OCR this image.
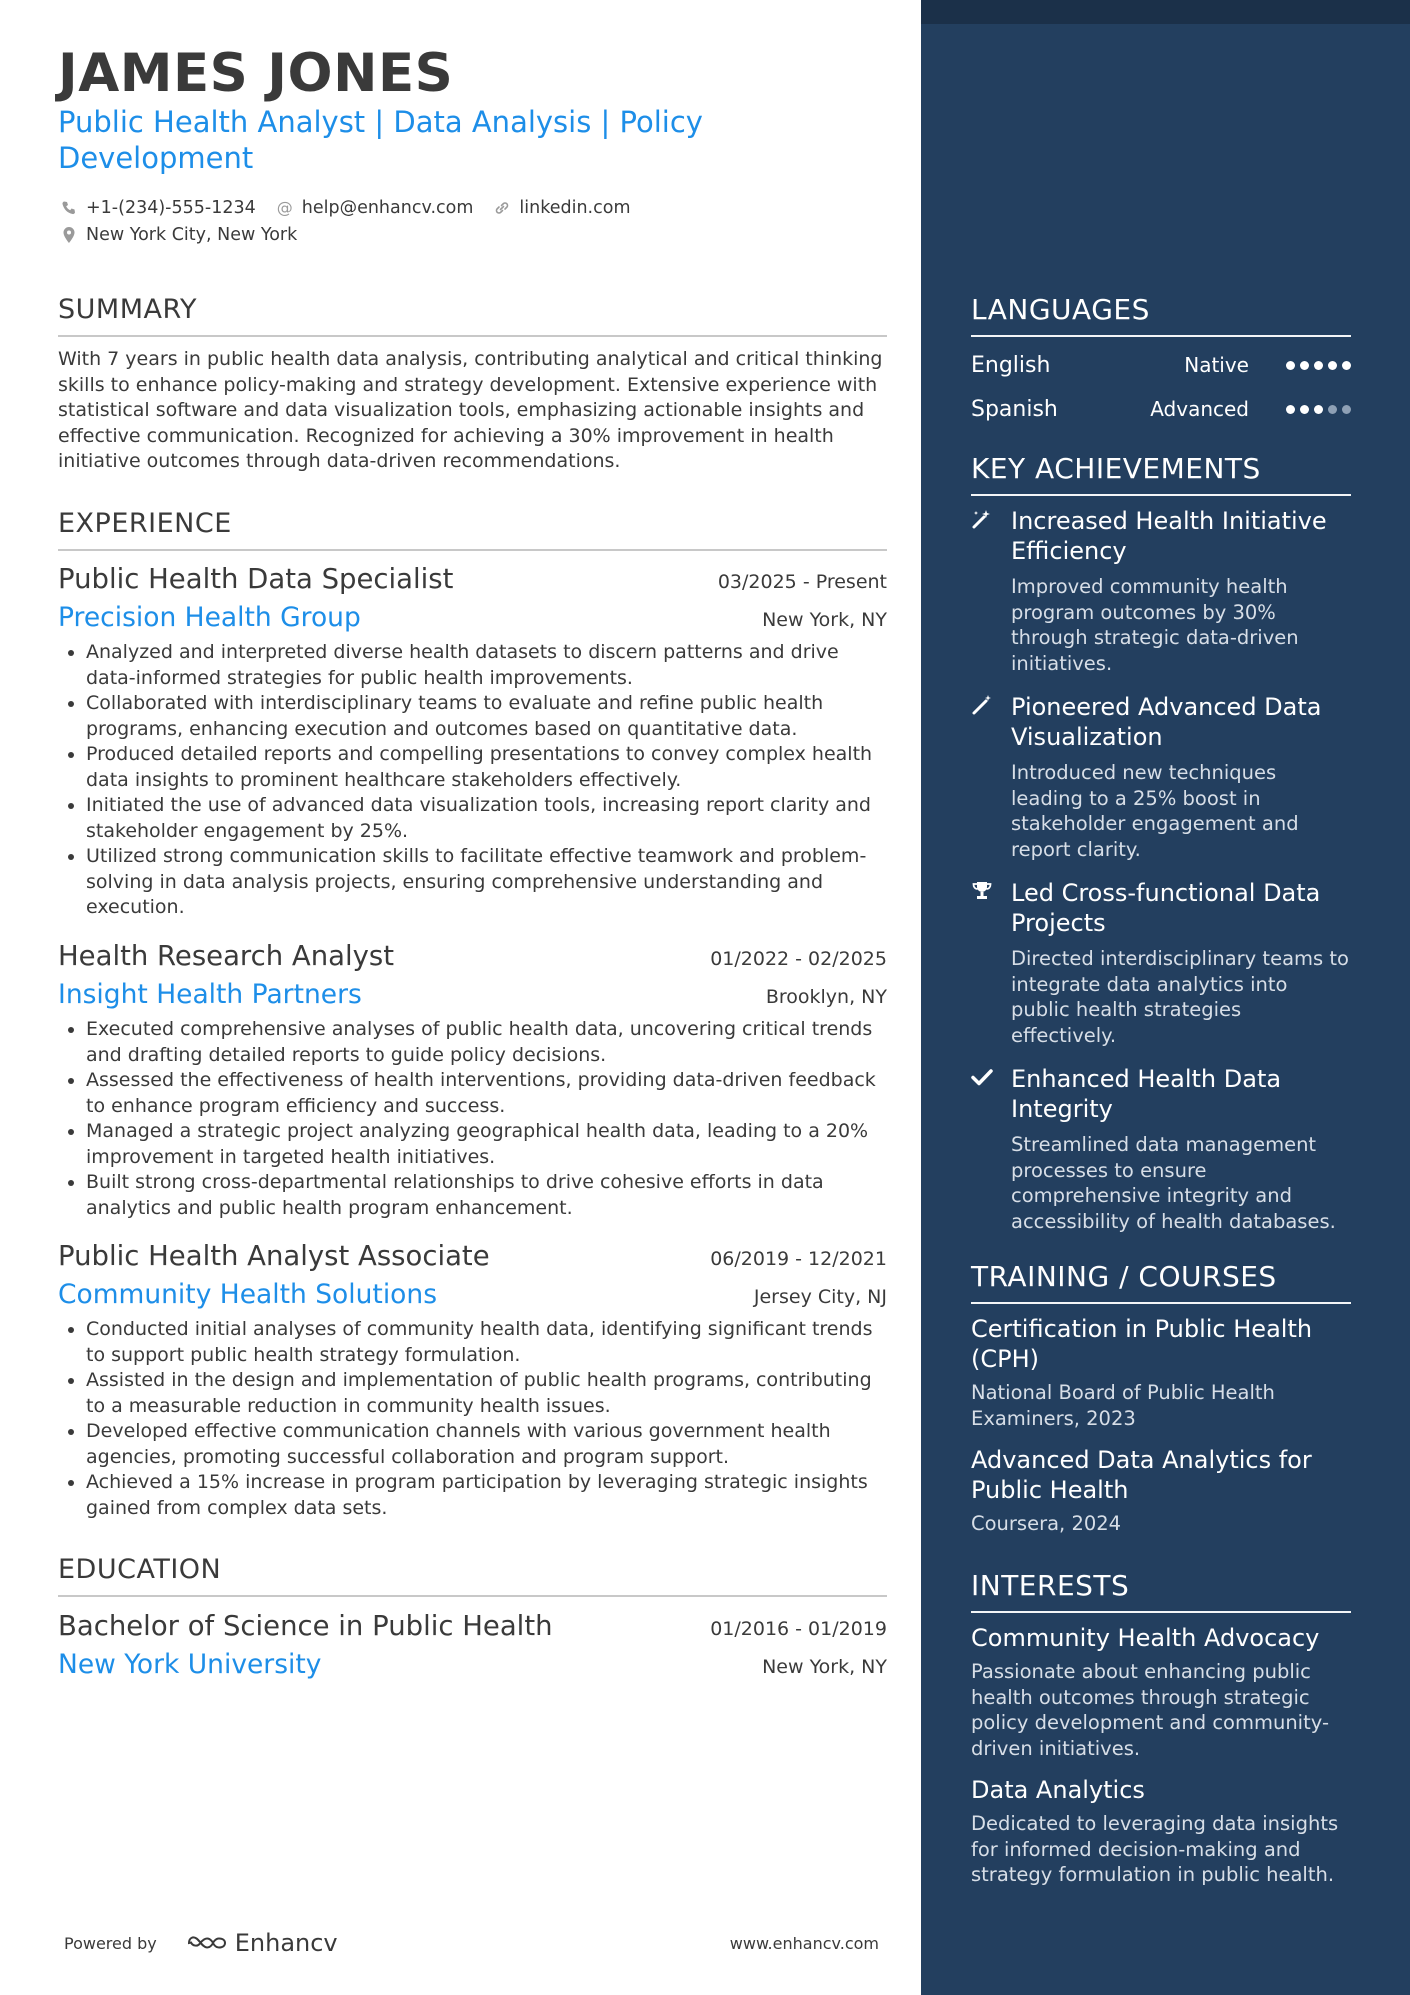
JAMES JONES
Public Health Analyst | Data Analysis | Policy Development
+1-(234)-555-1234 @ help@enhancv.com	linkedin.com
New York City, New York
SUMMARY
With 7 years in public health data analysis, contributing analytical and critical thinking skills to enhance policy-making and strategy development. Extensive experience with statistical software and data visualization tools, emphasizing actionable insights and effective communication. Recognized for achieving a 30% improvement in health initiative outcomes through data-driven recommendations.
EXPERIENCE
Public Health Data Specialist	03/2025 - Present
Precision Health Group	New York, NY
• Analyzed and interpreted diverse health datasets to discern patterns and drive data-informed strategies for public health improvements.
• Collaborated with interdisciplinary teams to evaluate and refine public health programs, enhancing execution and outcomes based on quantitative data.
• Produced detailed reports and compelling presentations to convey complex health data insights to prominent healthcare stakeholders effectively.
• Initiated the use of advanced data visualization tools, increasing report clarity and stakeholder engagement by 25%.
• Utilized strong communication skills to facilitate effective teamwork and problem-solving in data analysis projects, ensuring comprehensive understanding and execution.
Health Research Analyst	01/2022 - 02/2025
Insight Health Partners	Brooklyn, NY
• Executed comprehensive analyses of public health data, uncovering critical trends and drafting detailed reports to guide policy decisions.
• Assessed the effectiveness of health interventions, providing data-driven feedback to enhance program efficiency and success.
• Managed a strategic project analyzing geographical health data, leading to a 20% improvement in targeted health initiatives.
• Built strong cross-departmental relationships to drive cohesive efforts in data analytics and public health program enhancement.
Public Health Analyst Associate	06/2019 - 12/2021
Community Health Solutions	Jersey City, NJ
• Conducted initial analyses of community health data, identifying significant trends to support public health strategy formulation.
• Assisted in the design and implementation of public health programs, contributing to a measurable reduction in community health issues.
• Developed effective communication channels with various government health agencies, promoting successful collaboration and program support.
• Achieved a 15% increase in program participation by leveraging strategic insights gained from complex data sets.
EDUCATION
Bachelor of Science in Public Health	01/2016 - 01/2019
New York University	New York, NY
Powered by	Enhancv	www.enhancv.com
LANGUAGES
English	Native
Spanish	Advanced
KEY ACHIEVEMENTS
Increased Health Initiative Efficiency
Improved community health program outcomes by 30% through strategic data-driven initiatives.
Pioneered Advanced Data Visualization
Introduced new techniques leading to a 25% boost in stakeholder engagement and report clarity.
Led Cross-functional Data Projects
Directed interdisciplinary teams to integrate data analytics into public health strategies effectively.
Enhanced Health Data Integrity
Streamlined data management processes to ensure comprehensive integrity and accessibility of health databases.
TRAINING / COURSES
Certification in Public Health (CPH)
National Board of Public Health Examiners, 2023
Advanced Data Analytics for Public Health
Coursera, 2024
INTERESTS
Community Health Advocacy
Passionate about enhancing public health outcomes through strategic policy development and community-driven initiatives.
Data Analytics
Dedicated to leveraging data insights for informed decision-making and strategy formulation in public health.
